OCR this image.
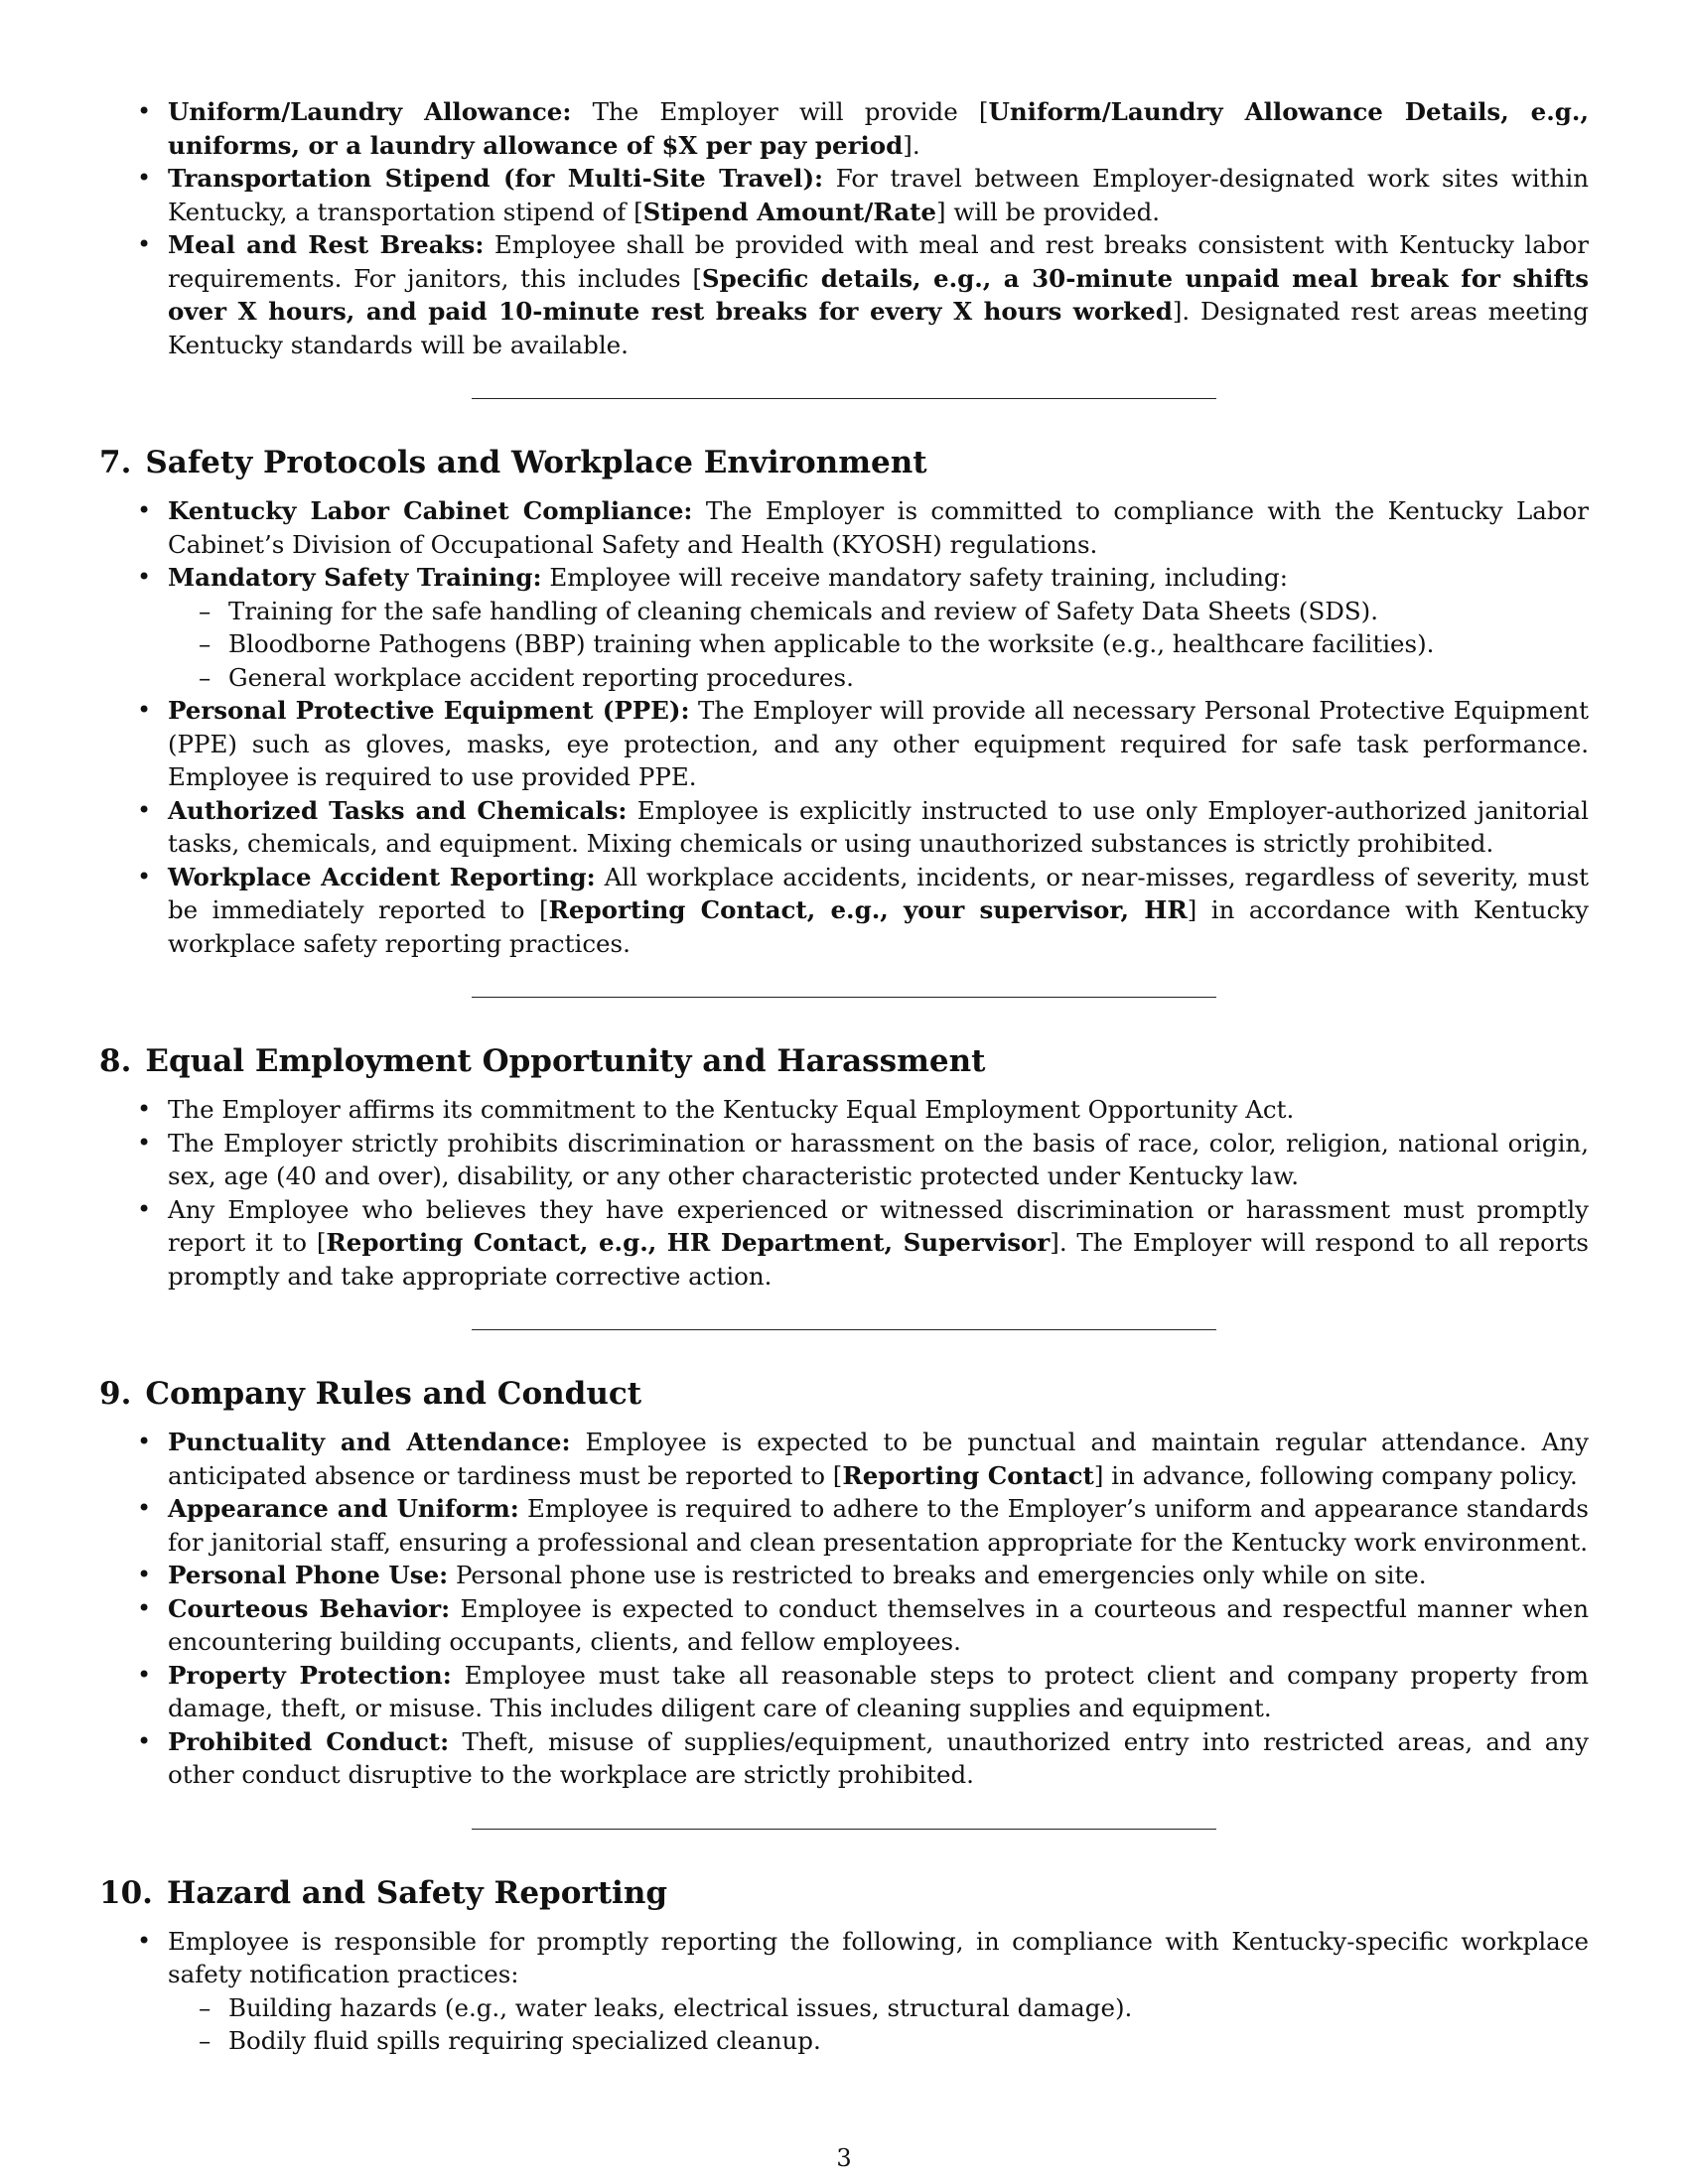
• Uniform/Laundry Allowance: The Employer will provide [Uniform/Laundry Allowance Details, e.g., uniforms, or a laundry allowance of $X per pay period].
• Transportation Stipend (for Multi-Site Travel): For travel between Employer-designated work sites within Kentucky, a transportation stipend of [Stipend Amount/Rate] will be provided.
• Meal and Rest Breaks: Employee shall be provided with meal and rest breaks consistent with Kentucky labor requirements. For janitors, this includes [Specific details, e.g., a 30-minute unpaid meal break for shifts over X hours, and paid 10-minute rest breaks for every X hours worked]. Designated rest areas meeting Kentucky standards will be available.
7. Safety Protocols and Workplace Environment
• Kentucky Labor Cabinet Compliance: The Employer is committed to compliance with the Kentucky Labor Cabinet’s Division of Occupational Safety and Health (KYOSH) regulations.
• Mandatory Safety Training: Employee will receive mandatory safety training, including:
– Training for the safe handling of cleaning chemicals and review of Safety Data Sheets (SDS).
– Bloodborne Pathogens (BBP) training when applicable to the worksite (e.g., healthcare facilities).
– General workplace accident reporting procedures.
• Personal Protective Equipment (PPE): The Employer will provide all necessary Personal Protective Equipment (PPE) such as gloves, masks, eye protection, and any other equipment required for safe task performance. Employee is required to use provided PPE.
• Authorized Tasks and Chemicals: Employee is explicitly instructed to use only Employer-authorized janitorial tasks, chemicals, and equipment. Mixing chemicals or using unauthorized substances is strictly prohibited.
• Workplace Accident Reporting: All workplace accidents, incidents, or near-misses, regardless of severity, must be immediately reported to [Reporting Contact, e.g., your supervisor, HR] in accordance with Kentucky workplace safety reporting practices.
8. Equal Employment Opportunity and Harassment
• The Employer affirms its commitment to the Kentucky Equal Employment Opportunity Act.
• The Employer strictly prohibits discrimination or harassment on the basis of race, color, religion, national origin, sex, age (40 and over), disability, or any other characteristic protected under Kentucky law.
• Any Employee who believes they have experienced or witnessed discrimination or harassment must promptly report it to [Reporting Contact, e.g., HR Department, Supervisor]. The Employer will respond to all reports promptly and take appropriate corrective action.
9. Company Rules and Conduct
• Punctuality and Attendance: Employee is expected to be punctual and maintain regular attendance. Any anticipated absence or tardiness must be reported to [Reporting Contact] in advance, following company policy.
• Appearance and Uniform: Employee is required to adhere to the Employer’s uniform and appearance standards for janitorial staff, ensuring a professional and clean presentation appropriate for the Kentucky work environment.
• Personal Phone Use: Personal phone use is restricted to breaks and emergencies only while on site.
• Courteous Behavior: Employee is expected to conduct themselves in a courteous and respectful manner when encountering building occupants, clients, and fellow employees.
• Property Protection: Employee must take all reasonable steps to protect client and company property from damage, theft, or misuse. This includes diligent care of cleaning supplies and equipment.
• Prohibited Conduct: Theft, misuse of supplies/equipment, unauthorized entry into restricted areas, and any other conduct disruptive to the workplace are strictly prohibited.
10. Hazard and Safety Reporting
• Employee is responsible for promptly reporting the following, in compliance with Kentucky-specific workplace safety notification practices:
– Building hazards (e.g., water leaks, electrical issues, structural damage).
– Bodily fluid spills requiring specialized cleanup.
3
